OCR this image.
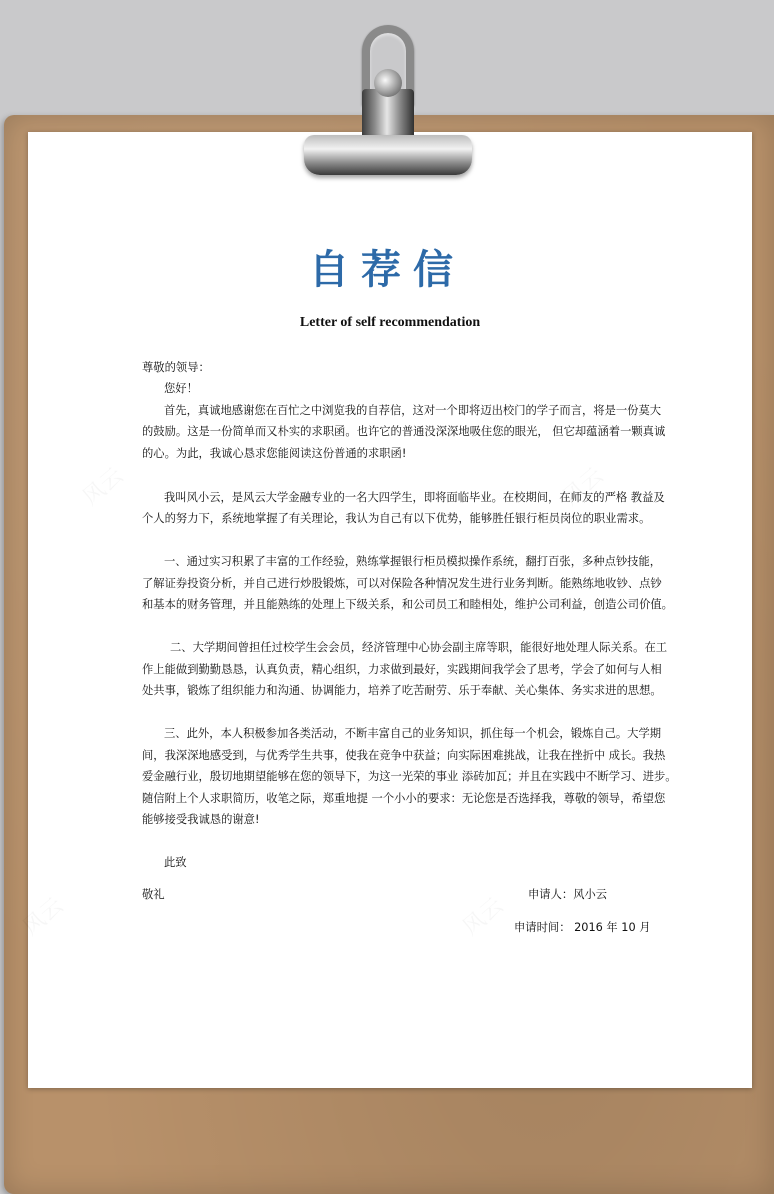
自荐信
Letter of self recommendation
尊敬的领导：
您好！
首先，真诚地感谢您在百忙之中浏览我的自荐信，这对一个即将迈出校门的学子而言，将是一份莫大
的鼓励。这是一份简单而又朴实的求职函。也许它的普通没深深地吸住您的眼光， 但它却蕴涵着一颗真诚
的心。为此，我诚心恳求您能阅读这份普通的求职函!
我叫风小云，是风云大学金融专业的一名大四学生，即将面临毕业。在校期间，在师友的严格 教益及
个人的努力下，系统地掌握了有关理论，我认为自己有以下优势，能够胜任银行柜员岗位的职业需求。
一、通过实习积累了丰富的工作经验，熟练掌握银行柜员模拟操作系统，翻打百张，多种点钞技能，
了解证券投资分析，并自己进行炒股锻炼，可以对保险各种情况发生进行业务判断。能熟练地收钞、点钞
和基本的财务管理，并且能熟练的处理上下级关系，和公司员工和睦相处，维护公司利益，创造公司价值。
二、大学期间曾担任过校学生会会员，经济管理中心协会副主席等职，能很好地处理人际关系。在工
作上能做到勤勤恳恳，认真负责，精心组织，力求做到最好，实践期间我学会了思考，学会了如何与人相
处共事，锻炼了组织能力和沟通、协调能力，培养了吃苦耐劳、乐于奉献、关心集体、务实求进的思想。
三、此外，本人积极参加各类活动，不断丰富自己的业务知识，抓住每一个机会，锻炼自己。大学期
间，我深深地感受到，与优秀学生共事，使我在竞争中获益；向实际困难挑战，让我在挫折中 成长。我热
爱金融行业，殷切地期望能够在您的领导下，为这一光荣的事业 添砖加瓦；并且在实践中不断学习、进步。
随信附上个人求职简历，收笔之际，郑重地提 一个小小的要求：无论您是否选择我，尊敬的领导，希望您
能够接受我诚恳的谢意!
此致
敬礼	申请人：风小云
申请时间： 2016 年 10 月
